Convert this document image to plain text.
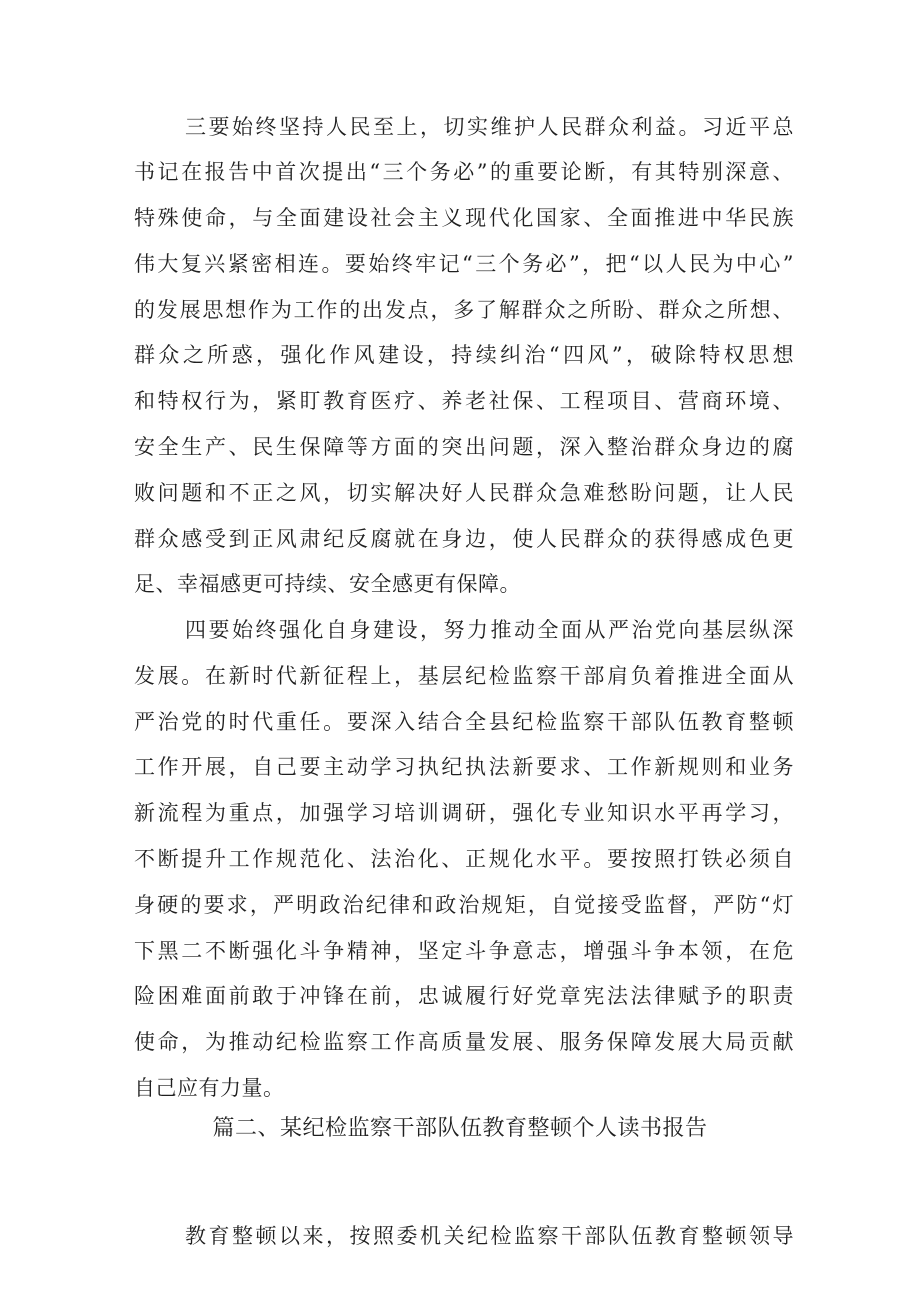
三要始终坚持人民至上，切实维护人民群众利益。习近平总
书记在报告中首次提出“三个务必”的重要论断，有其特别深意、
特殊使命，与全面建设社会主义现代化国家、全面推进中华民族
伟大复兴紧密相连。要始终牢记“三个务必”，把“以人民为中心”
的发展思想作为工作的出发点，多了解群众之所盼、群众之所想、
群众之所惑，强化作风建设，持续纠治“四风”，破除特权思想
和特权行为，紧盯教育医疗、养老社保、工程项目、营商环境、
安全生产、民生保障等方面的突出问题，深入整治群众身边的腐
败问题和不正之风，切实解决好人民群众急难愁盼问题，让人民
群众感受到正风肃纪反腐就在身边，使人民群众的获得感成色更
足、幸福感更可持续、安全感更有保障。
四要始终强化自身建设，努力推动全面从严治党向基层纵深
发展。在新时代新征程上，基层纪检监察干部肩负着推进全面从
严治党的时代重任。要深入结合全县纪检监察干部队伍教育整顿
工作开展，自己要主动学习执纪执法新要求、工作新规则和业务
新流程为重点，加强学习培训调研，强化专业知识水平再学习，
不断提升工作规范化、法治化、正规化水平。要按照打铁必须自
身硬的要求，严明政治纪律和政治规矩，自觉接受监督，严防“灯
下黑二不断强化斗争精神，坚定斗争意志，增强斗争本领，在危
险困难面前敢于冲锋在前，忠诚履行好党章宪法法律赋予的职责
使命，为推动纪检监察工作高质量发展、服务保障发展大局贡献
自己应有力量。
篇二、某纪检监察干部队伍教育整顿个人读书报告
教育整顿以来，按照委机关纪检监察干部队伍教育整顿领导
